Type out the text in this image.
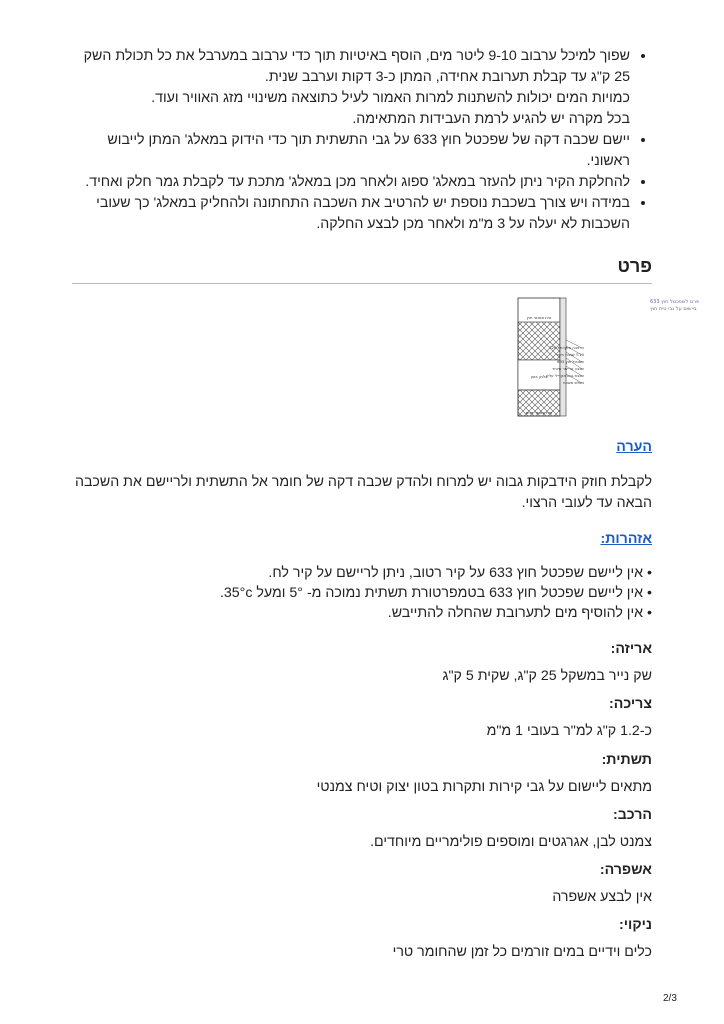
• שפוך למיכל ערבוב 9-10 ליטר מים, הוסף באיטיות תוך כדי ערבוב במערבל את כל תכולת השק
25 ק"ג עד קבלת תערובת אחידה, המתן כ-3 דקות וערבב שנית.
כמויות המים יכולות להשתנות למרות האמור לעיל כתוצאה משינויי מזג האוויר ועוד.
בכל מקרה יש להגיע לרמת העבידות המתאימה.
• יישם שכבה דקה של שפכטל חוץ 633 על גבי התשתית תוך כדי הידוק במאלג' המתן לייבוש
ראשוני.
• להחלקת הקיר ניתן להעזר במאלג' ספוג ולאחר מכן במאלג' מתכת עד לקבלת גמר חלק ואחיד.
• במידה ויש צורך בשכבת נוספת יש להרטיב את השכבה התחתונה ולהחליק במאלג' כך שעובי
השכבות לא יעלה על 3 מ"מ ולאחר מכן לבצע החלקה.
פרט
פרט לשפכטל חוץ 633
ביישום על גבי טיח חוץ
טיח צמנטי חוץ
בלוק בטון
טיח צמנטי פנים
הרטבה מוקדמת 720
T-10 שכבת חיפוי
שפכטל חוץ 633
שכבה פריימר מיוחד
שכבת גבס אקרילי עליון
מפלס משטח
הערה
לקבלת חוזק הידבקות גבוה יש למרוח ולהדק שכבה דקה של חומר אל התשתית ולריישם את השכבה
הבאה עד לעובי הרצוי.
אזהרות:
• אין ליישם שפכטל חוץ 633 על קיר רטוב, ניתן לריישם על קיר לח.
• אין ליישם שפכטל חוץ 633 בטמפרטורת תשתית נמוכה מ- 5° ומעל 35°c.
• אין להוסיף מים לתערובת שהחלה להתייבש.
אריזה:
שק נייר במשקל 25 ק"ג, שקית 5 ק"ג
צריכה:
כ-1.2 ק"ג למ"ר בעובי 1 מ"מ
תשתית:
מתאים ליישום על גבי קירות ותקרות בטון יצוק וטיח צמנטי
הרכב:
צמנט לבן, אגרגטים ומוספים פולימריים מיוחדים.
אשפרה:
אין לבצע אשפרה
ניקוי:
כלים וידיים במים זורמים כל זמן שהחומר טרי
2/3
